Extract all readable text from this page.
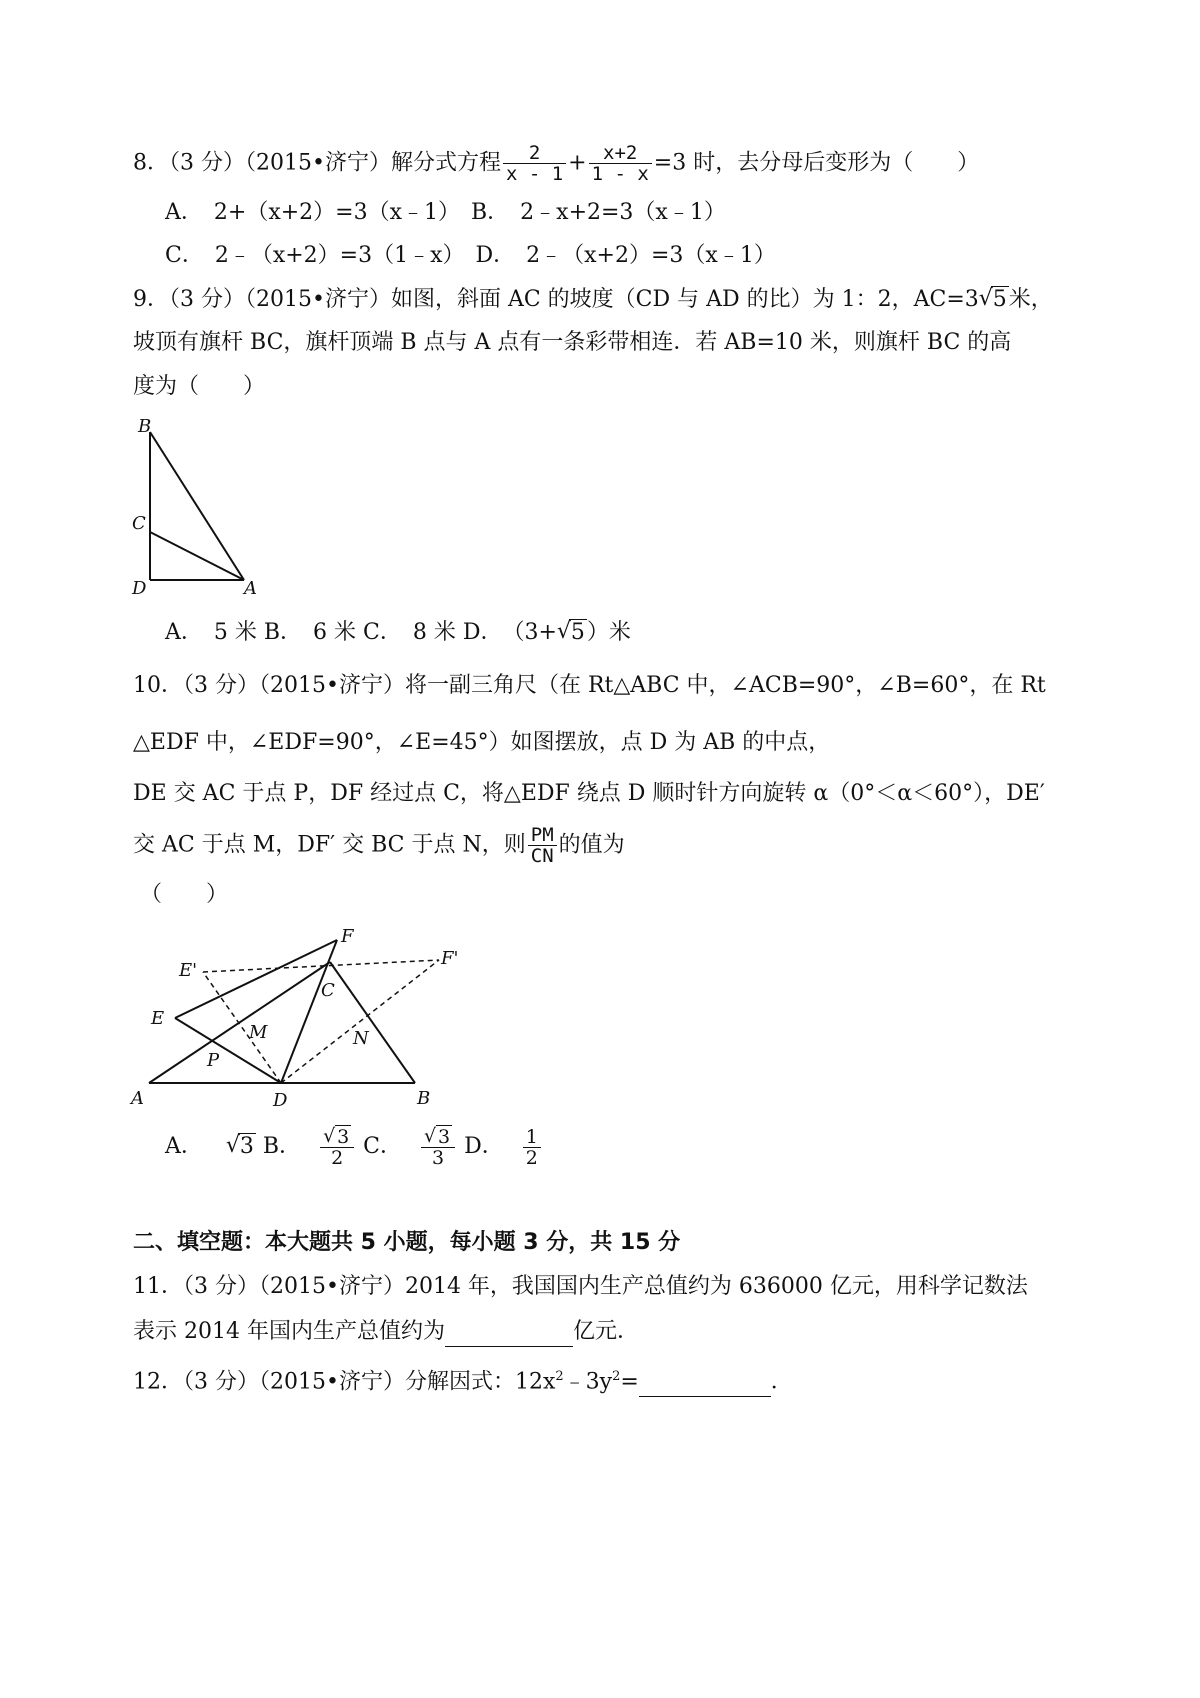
8．（3 分）（2015•济宁）解分式方程 $\frac{2}{x - 1} + \frac{x+2}{1 - x} =3$ 时，去分母后变形为（　　）
A．　2+（x+2）=3（x﹣1）　B．　2﹣x+2=3（x﹣1）
C．　2﹣（x+2）=3（1﹣x）　D．　2﹣（x+2）=3（x﹣1）
9．（3 分）（2015•济宁）如图，斜面 AC 的坡度（CD 与 AD 的比）为 1：2，AC=3 √ 5米，
坡顶有旗杆 BC，旗杆顶端 B 点与 A 点有一条彩带相连．若 AB=10 米，则旗杆 BC 的高
度为（　　）
B
C
D	A
A．　5 米 B．　6 米 C．　8 米 D．　（3+ √ 5）米
10．（3 分）（2015•济宁）将一副三角尺（在 Rt△ABC 中，∠ACB=90°，∠B=60°，在 Rt
△EDF 中，∠EDF=90°，∠E=45°）如图摆放，点 D 为 AB 的中点，
DE 交 AC 于点 P，DF 经过点 C，将△EDF 绕点 D 顺时针方向旋转 α（0°＜α＜60°），DE′
交 AC 于点 M，DF′ 交 BC 于点 N，则 $\frac{PM}{CN}$ 的值为
（　　）
F
E'
F'
C
E
M	N
P
A	D	B
A． √ 3 B． √ $\frac{3}{2}$ C． √ $\frac{3}{3}$ D． $\frac{1}{2}$
二、填空题：本大题共 5 小题，每小题 3 分，共 15 分
11．（3 分）（2015•济宁）2014 年，我国国内生产总值约为 636000 亿元，用科学记数法
表示 2014 年国内生产总值约为	亿元．
12．（3 分）（2015•济宁）分解因式：$12x^2﹣3y^2=$	．
